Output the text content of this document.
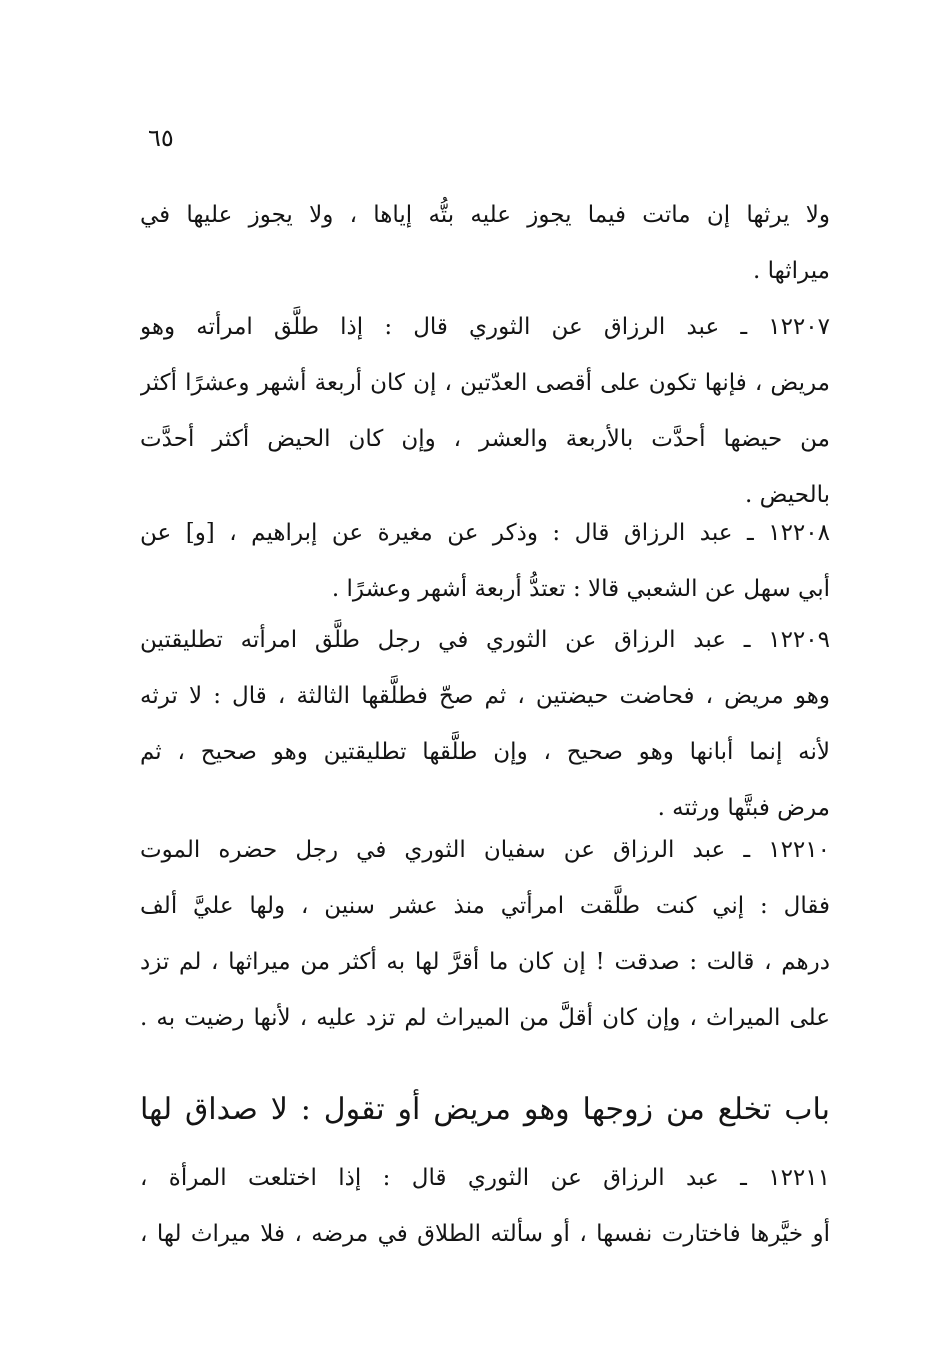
٦٥
ولا يرثها إن ماتت فيما يجوز عليه بتُّه إياها ، ولا يجوز عليها في
ميراثها .
١٢٢٠٧ ـ عبد الرزاق عن الثوري قال : إذا طلَّق امرأته وهو
مريض ، فإنها تكون على أقصى العدّتين ، إن كان أربعة أشهر وعشرًا أكثر
من حيضها أحدَّت بالأربعة والعشر ، وإن كان الحيض أكثر أحدَّت
بالحيض .
١٢٢٠٨ ـ عبد الرزاق قال : وذكر عن مغيرة عن إبراهيم ، [و] عن
أبي سهل عن الشعبي قالا : تعتدُّ أربعة أشهر وعشرًا .
١٢٢٠٩ ـ عبد الرزاق عن الثوري في رجل طلَّق امرأته تطليقتين
وهو مريض ، فحاضت حيضتين ، ثم صحّ فطلَّقها الثالثة ، قال : لا ترثه
لأنه إنما أبانها وهو صحيح ، وإن طلَّقها تطليقتين وهو صحيح ، ثم
مرض فبتَّها ورثته .
١٢٢١٠ ـ عبد الرزاق عن سفيان الثوري في رجل حضره الموت
فقال : إني كنت طلَّقت امرأتي منذ عشر سنين ، ولها عليَّ ألف
درهم ، قالت : صدقت ! إن كان ما أقرَّ لها به أكثر من ميراثها ، لم تزد
على الميراث ، وإن كان أقلَّ من الميراث لم تزد عليه ، لأنها رضيت به .
باب تخلع من زوجها وهو مريض أو تقول : لا صداق لها
١٢٢١١ ـ عبد الرزاق عن الثوري قال : إذا اختلعت المرأة ،
أو خيَّرها فاختارت نفسها ، أو سألته الطلاق في مرضه ، فلا ميراث لها ،
